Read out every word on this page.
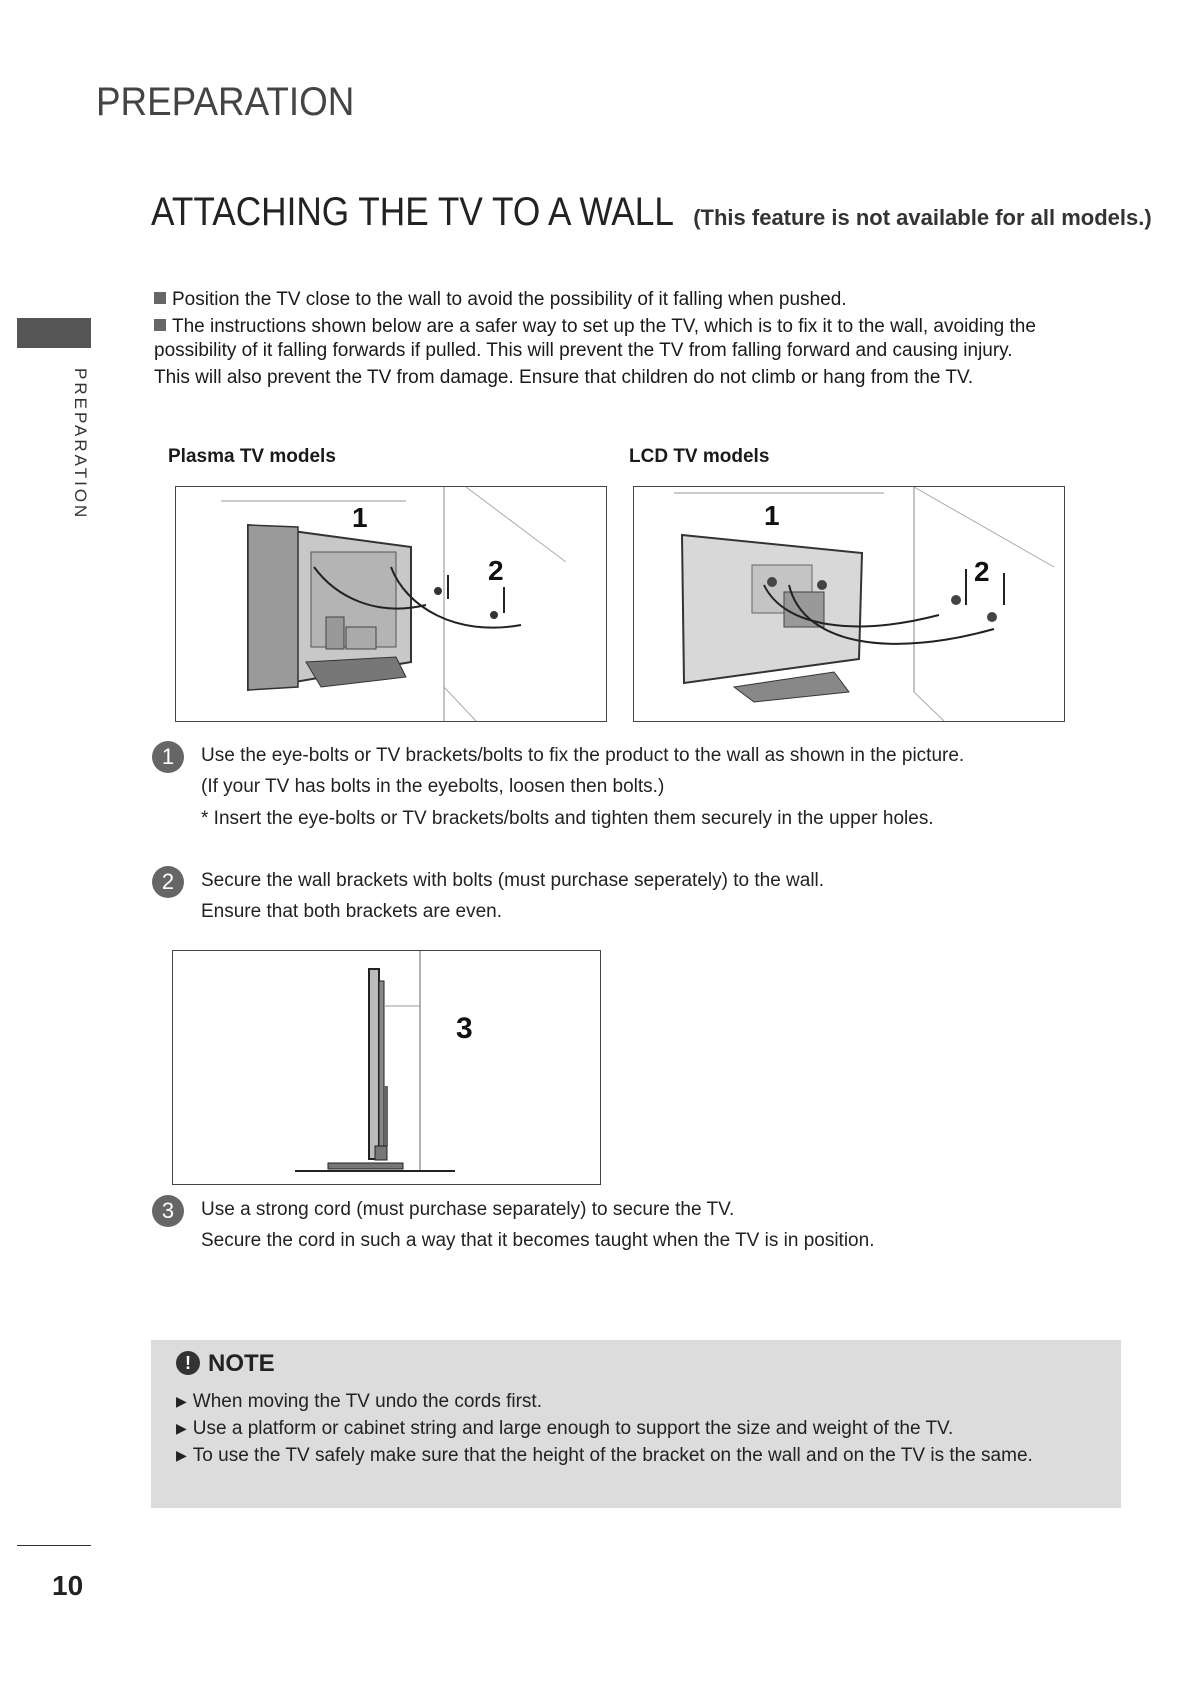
PREPARATION
PREPARATION
ATTACHING THE TV TO A WALL (This feature is not available for all models.)
Position the TV close to the wall to avoid the possibility of it falling when pushed.
The instructions shown below are a safer way to set up the TV, which is to fix it to the wall, avoiding the
possibility of it falling forwards if pulled. This will prevent the TV from falling forward and causing injury.
This will also prevent the TV from damage. Ensure that children do not climb or hang from the TV.
Plasma TV models	LCD TV models
1
2
1
2
1	Use the eye-bolts or TV brackets/bolts to fix the product to the wall as shown in the picture.
(If your TV has bolts in the eyebolts, loosen then bolts.)
* Insert the eye-bolts or TV brackets/bolts and tighten them securely in the upper holes.
2	Secure the wall brackets with bolts (must purchase seperately) to the wall.
Ensure that both brackets are even.
3
3	Use a strong cord (must purchase separately) to secure the TV.
Secure the cord in such a way that it becomes taught when the TV is in position.
! NOTE
▶ When moving the TV undo the cords first.
▶ Use a platform or cabinet string and large enough to support the size and weight of the TV.
▶ To use the TV safely make sure that the height of the bracket on the wall and on the TV is the same.
10
